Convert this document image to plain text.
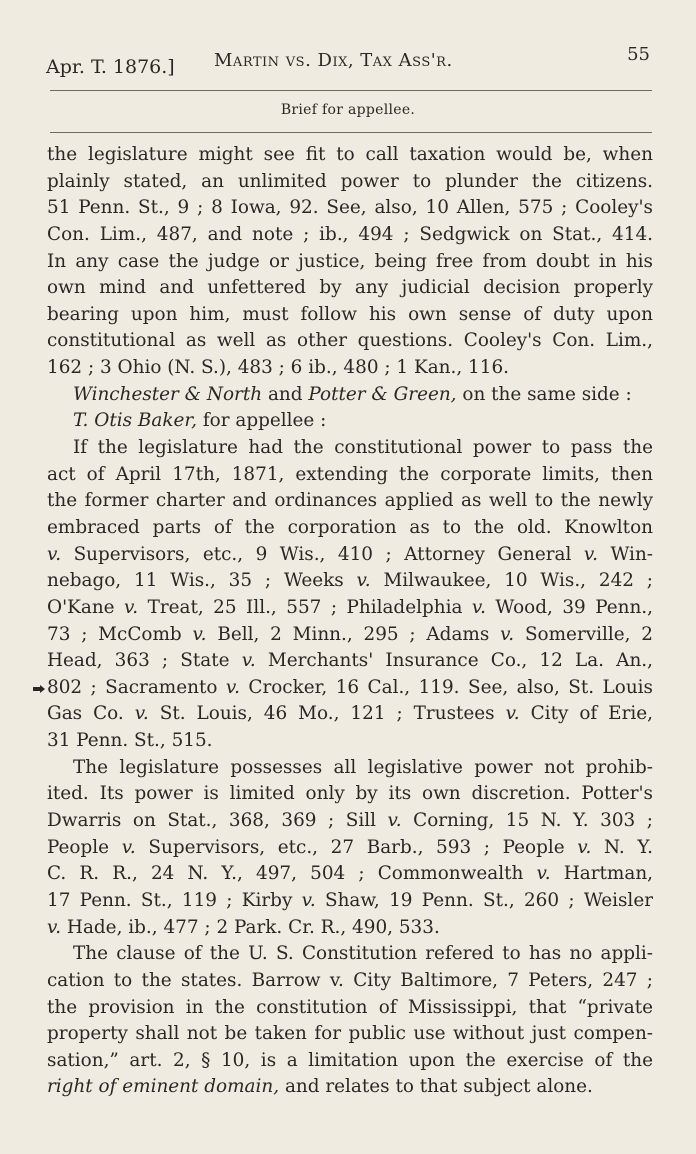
Apr. T. 1876.] Martin vs. Dix, Tax Ass'r.	55
Brief for appellee.
the legislature might see fit to call taxation would be, when
plainly stated, an unlimited power to plunder the citizens.
51 Penn. St., 9 ; 8 Iowa, 92. See, also, 10 Allen, 575 ; Cooley's
Con. Lim., 487, and note ; ib., 494 ; Sedgwick on Stat., 414.
In any case the judge or justice, being free from doubt in his
own mind and unfettered by any judicial decision properly
bearing upon him, must follow his own sense of duty upon
constitutional as well as other questions. Cooley's Con. Lim.,
162 ; 3 Ohio (N. S.), 483 ; 6 ib., 480 ; 1 Kan., 116.
Winchester & North and Potter & Green, on the same side :
T. Otis Baker, for appellee :
If the legislature had the constitutional power to pass the
act of April 17th, 1871, extending the corporate limits, then
the former charter and ordinances applied as well to the newly
embraced parts of the corporation as to the old. Knowlton
v. Supervisors, etc., 9 Wis., 410 ; Attorney General v. Win-
nebago, 11 Wis., 35 ; Weeks v. Milwaukee, 10 Wis., 242 ;
O'Kane v. Treat, 25 Ill., 557 ; Philadelphia v. Wood, 39 Penn.,
73 ; McComb v. Bell, 2 Minn., 295 ; Adams v. Somerville, 2
Head, 363 ; State v. Merchants' Insurance Co., 12 La. An.,
802 ; Sacramento v. Crocker, 16 Cal., 119. See, also, St. Louis
Gas Co. v. St. Louis, 46 Mo., 121 ; Trustees v. City of Erie,
31 Penn. St., 515.
The legislature possesses all legislative power not prohib-
ited. Its power is limited only by its own discretion. Potter's
Dwarris on Stat., 368, 369 ; Sill v. Corning, 15 N. Y. 303 ;
People v. Supervisors, etc., 27 Barb., 593 ; People v. N. Y.
C. R. R., 24 N. Y., 497, 504 ; Commonwealth v. Hartman,
17 Penn. St., 119 ; Kirby v. Shaw, 19 Penn. St., 260 ; Weisler
v. Hade, ib., 477 ; 2 Park. Cr. R., 490, 533.
The clause of the U. S. Constitution refered to has no appli-
cation to the states. Barrow v. City Baltimore, 7 Peters, 247 ;
the provision in the constitution of Mississippi, that “private
property shall not be taken for public use without just compen-
sation,” art. 2, § 10, is a limitation upon the exercise of the
right of eminent domain, and relates to that subject alone.
